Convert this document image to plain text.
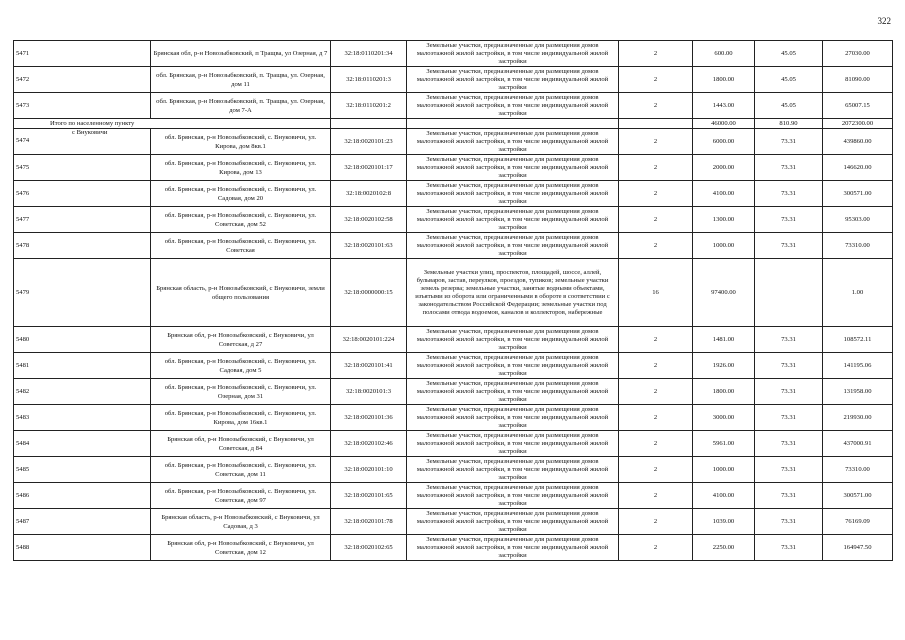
322
5471	Брянская обл, р-н Новозыбковский, п Тращва, ул Озерная, д 7	32:18:0110201:34	Земельные участки, предназначенные для размещения домов малоэтажной жилой застройки, в том числе индивидуальной жилой застройки	2	600.00	45.05	27030.00
5472	обл. Брянская, р-н Новозыбковский, п. Тращва, ул. Озерная, дом 11	32:18:0110201:3	Земельные участки, предназначенные для размещения домов малоэтажной жилой застройки, в том числе индивидуальной жилой застройки	2	1800.00	45.05	81090.00
5473	обл. Брянская, р-н Новозыбковский, п. Тращва, ул. Озерная, дом 7-А	32:18:0110201:2	Земельные участки, предназначенные для размещения домов малоэтажной жилой застройки, в том числе индивидуальной жилой застройки	2	1443.00	45.05	65007.15
Итого по населенному пункту					46000.00	810.90	2072300.00

с Внуковичи
5474	обл. Брянская, р-н Новозыбковский, с. Внуковичи, ул. Кирова, дом 8кв.1	32:18:0020101:23	Земельные участки, предназначенные для размещения домов малоэтажной жилой застройки, в том числе индивидуальной жилой застройки	2	6000.00	73.31	439860.00
5475	обл. Брянская, р-н Новозыбковский, с. Внуковичи, ул. Кирова, дом 13	32:18:0020101:17	Земельные участки, предназначенные для размещения домов малоэтажной жилой застройки, в том числе индивидуальной жилой застройки	2	2000.00	73.31	146620.00
5476	обл. Брянская, р-н Новозыбковский, с. Внуковичи, ул. Садовая, дом 20	32:18:0020102:8	Земельные участки, предназначенные для размещения домов малоэтажной жилой застройки, в том числе индивидуальной жилой застройки	2	4100.00	73.31	300571.00
5477	обл. Брянская, р-н Новозыбковский, с. Внуковичи, ул. Советская, дом 52	32:18:0020102:58	Земельные участки, предназначенные для размещения домов малоэтажной жилой застройки, в том числе индивидуальной жилой застройки	2	1300.00	73.31	95303.00
5478	обл. Брянская, р-н Новозыбковский, с. Внуковичи, ул. Советская	32:18:0020101:63	Земельные участки, предназначенные для размещения домов малоэтажной жилой застройки, в том числе индивидуальной жилой застройки	2	1000.00	73.31	73310.00
5479	Брянская область, р-н Новозыбковский, с Внуковичи, земли общего пользования	32:18:0000000:15	Земельные участки улиц, проспектов, площадей, шоссе, аллей, бульваров, застав, переулков, проездов, тупиков; земельные участки земель резерва; земельные участки, занятые водными объектами, изъятыми из оборота или ограниченными в обороте в соответствии с законодательством Российской Федерации; земельные участки под полосами отвода водоемов, каналов и коллекторов, набережные	16	97400.00		1.00
5480	Брянская обл, р-н Новозыбковский, с Внуковичи, ул Советская, д 27	32:18:0020101:224	Земельные участки, предназначенные для размещения домов малоэтажной жилой застройки, в том числе индивидуальной жилой застройки	2	1481.00	73.31	108572.11
5481	обл. Брянская, р-н Новозыбковский, с. Внуковичи, ул. Садовая, дом 5	32:18:0020101:41	Земельные участки, предназначенные для размещения домов малоэтажной жилой застройки, в том числе индивидуальной жилой застройки	2	1926.00	73.31	141195.06
5482	обл. Брянская, р-н Новозыбковский, с. Внуковичи, ул. Озерная, дом 31	32:18:0020101:3	Земельные участки, предназначенные для размещения домов малоэтажной жилой застройки, в том числе индивидуальной жилой застройки	2	1800.00	73.31	131958.00
5483	обл. Брянская, р-н Новозыбковский, с. Внуковичи, ул. Кирова, дом 16кв.1	32:18:0020101:36	Земельные участки, предназначенные для размещения домов малоэтажной жилой застройки, в том числе индивидуальной жилой застройки	2	3000.00	73.31	219930.00
5484	Брянская обл, р-н Новозыбковский, с Внуковичи, ул Советская, д 84	32:18:0020102:46	Земельные участки, предназначенные для размещения домов малоэтажной жилой застройки, в том числе индивидуальной жилой застройки	2	5961.00	73.31	437000.91
5485	обл. Брянская, р-н Новозыбковский, с. Внуковичи, ул. Советская, дом 11	32:18:0020101:10	Земельные участки, предназначенные для размещения домов малоэтажной жилой застройки, в том числе индивидуальной жилой застройки	2	1000.00	73.31	73310.00
5486	обл. Брянская, р-н Новозыбковский, с. Внуковичи, ул. Советская, дом 97	32:18:0020101:65	Земельные участки, предназначенные для размещения домов малоэтажной жилой застройки, в том числе индивидуальной жилой застройки	2	4100.00	73.31	300571.00
5487	Брянская область, р-н Новозыбковский, с Внуковичи, ул Садовая, д 3	32:18:0020101:78	Земельные участки, предназначенные для размещения домов малоэтажной жилой застройки, в том числе индивидуальной жилой застройки	2	1039.00	73.31	76169.09
5488	Брянская обл, р-н Новозыбковский, с Внуковичи, ул Советская, дом 12	32:18:0020102:65	Земельные участки, предназначенные для размещения домов малоэтажной жилой застройки, в том числе индивидуальной жилой застройки	2	2250.00	73.31	164947.50
